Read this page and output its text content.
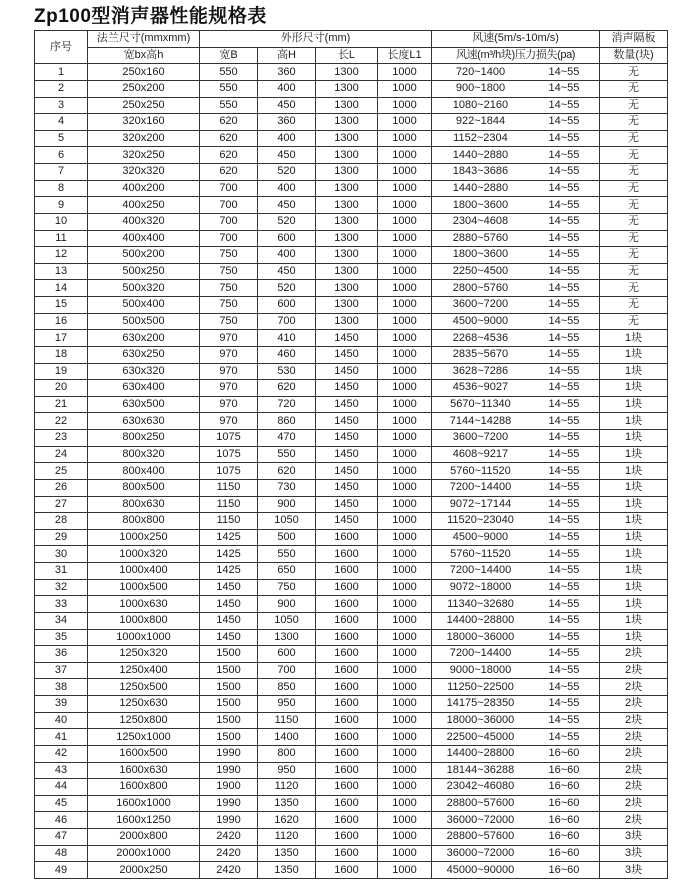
Zp100型消声器性能规格表
序号	法兰尺寸(mmxmm)	外形尺寸(mm)				风速(5m/s-10m/s)	消声隔板
	宽bx高h	宽B	高H	长L	长度L1	风速(m³/h块)压力损失(pa)	数量(块)
1	250x160	550	360	1300	1000	720~1400 14~55	无
2	250x200	550	400	1300	1000	900~1800 14~55	无
3	250x250	550	450	1300	1000	1080~2160 14~55	无
4	320x160	620	360	1300	1000	922~1844 14~55	无
5	320x200	620	400	1300	1000	1152~2304 14~55	无
6	320x250	620	450	1300	1000	1440~2880 14~55	无
7	320x320	620	520	1300	1000	1843~3686 14~55	无
8	400x200	700	400	1300	1000	1440~2880 14~55	无
9	400x250	700	450	1300	1000	1800~3600 14~55	无
10	400x320	700	520	1300	1000	2304~4608 14~55	无
11	400x400	700	600	1300	1000	2880~5760 14~55	无
12	500x200	750	400	1300	1000	1800~3600 14~55	无
13	500x250	750	450	1300	1000	2250~4500 14~55	无
14	500x320	750	520	1300	1000	2800~5760 14~55	无
15	500x400	750	600	1300	1000	3600~7200 14~55	无
16	500x500	750	700	1300	1000	4500~9000 14~55	无
17	630x200	970	410	1450	1000	2268~4536 14~55	1块
18	630x250	970	460	1450	1000	2835~5670 14~55	1块
19	630x320	970	530	1450	1000	3628~7286 14~55	1块
20	630x400	970	620	1450	1000	4536~9027 14~55	1块
21	630x500	970	720	1450	1000	5670~11340 14~55	1块
22	630x630	970	860	1450	1000	7144~14288 14~55	1块
23	800x250	1075	470	1450	1000	3600~7200 14~55	1块
24	800x320	1075	550	1450	1000	4608~9217 14~55	1块
25	800x400	1075	620	1450	1000	5760~11520 14~55	1块
26	800x500	1150	730	1450	1000	7200~14400 14~55	1块
27	800x630	1150	900	1450	1000	9072~17144 14~55	1块
28	800x800	1150	1050	1450	1000	11520~23040 14~55	1块
29	1000x250	1425	500	1600	1000	4500~9000 14~55	1块
30	1000x320	1425	550	1600	1000	5760~11520 14~55	1块
31	1000x400	1425	650	1600	1000	7200~14400 14~55	1块
32	1000x500	1450	750	1600	1000	9072~18000 14~55	1块
33	1000x630	1450	900	1600	1000	11340~32680 14~55	1块
34	1000x800	1450	1050	1600	1000	14400~28800 14~55	1块
35	1000x1000	1450	1300	1600	1000	18000~36000 14~55	1块
36	1250x320	1500	600	1600	1000	7200~14400 14~55	2块
37	1250x400	1500	700	1600	1000	9000~18000 14~55	2块
38	1250x500	1500	850	1600	1000	11250~22500 14~55	2块
39	1250x630	1500	950	1600	1000	14175~28350 14~55	2块
40	1250x800	1500	1150	1600	1000	18000~36000 14~55	2块
41	1250x1000	1500	1400	1600	1000	22500~45000 14~55	2块
42	1600x500	1990	800	1600	1000	14400~28800 16~60	2块
43	1600x630	1990	950	1600	1000	18144~36288 16~60	2块
44	1600x800	1900	1120	1600	1000	23042~46080 16~60	2块
45	1600x1000	1990	1350	1600	1000	28800~57600 16~60	2块
46	1600x1250	1990	1620	1600	1000	36000~72000 16~60	2块
47	2000x800	2420	1120	1600	1000	28800~57600 16~60	3块
48	2000x1000	2420	1350	1600	1000	36000~72000 16~60	3块
49	2000x250	2420	1350	1600	1000	45000~90000 16~60	3块
